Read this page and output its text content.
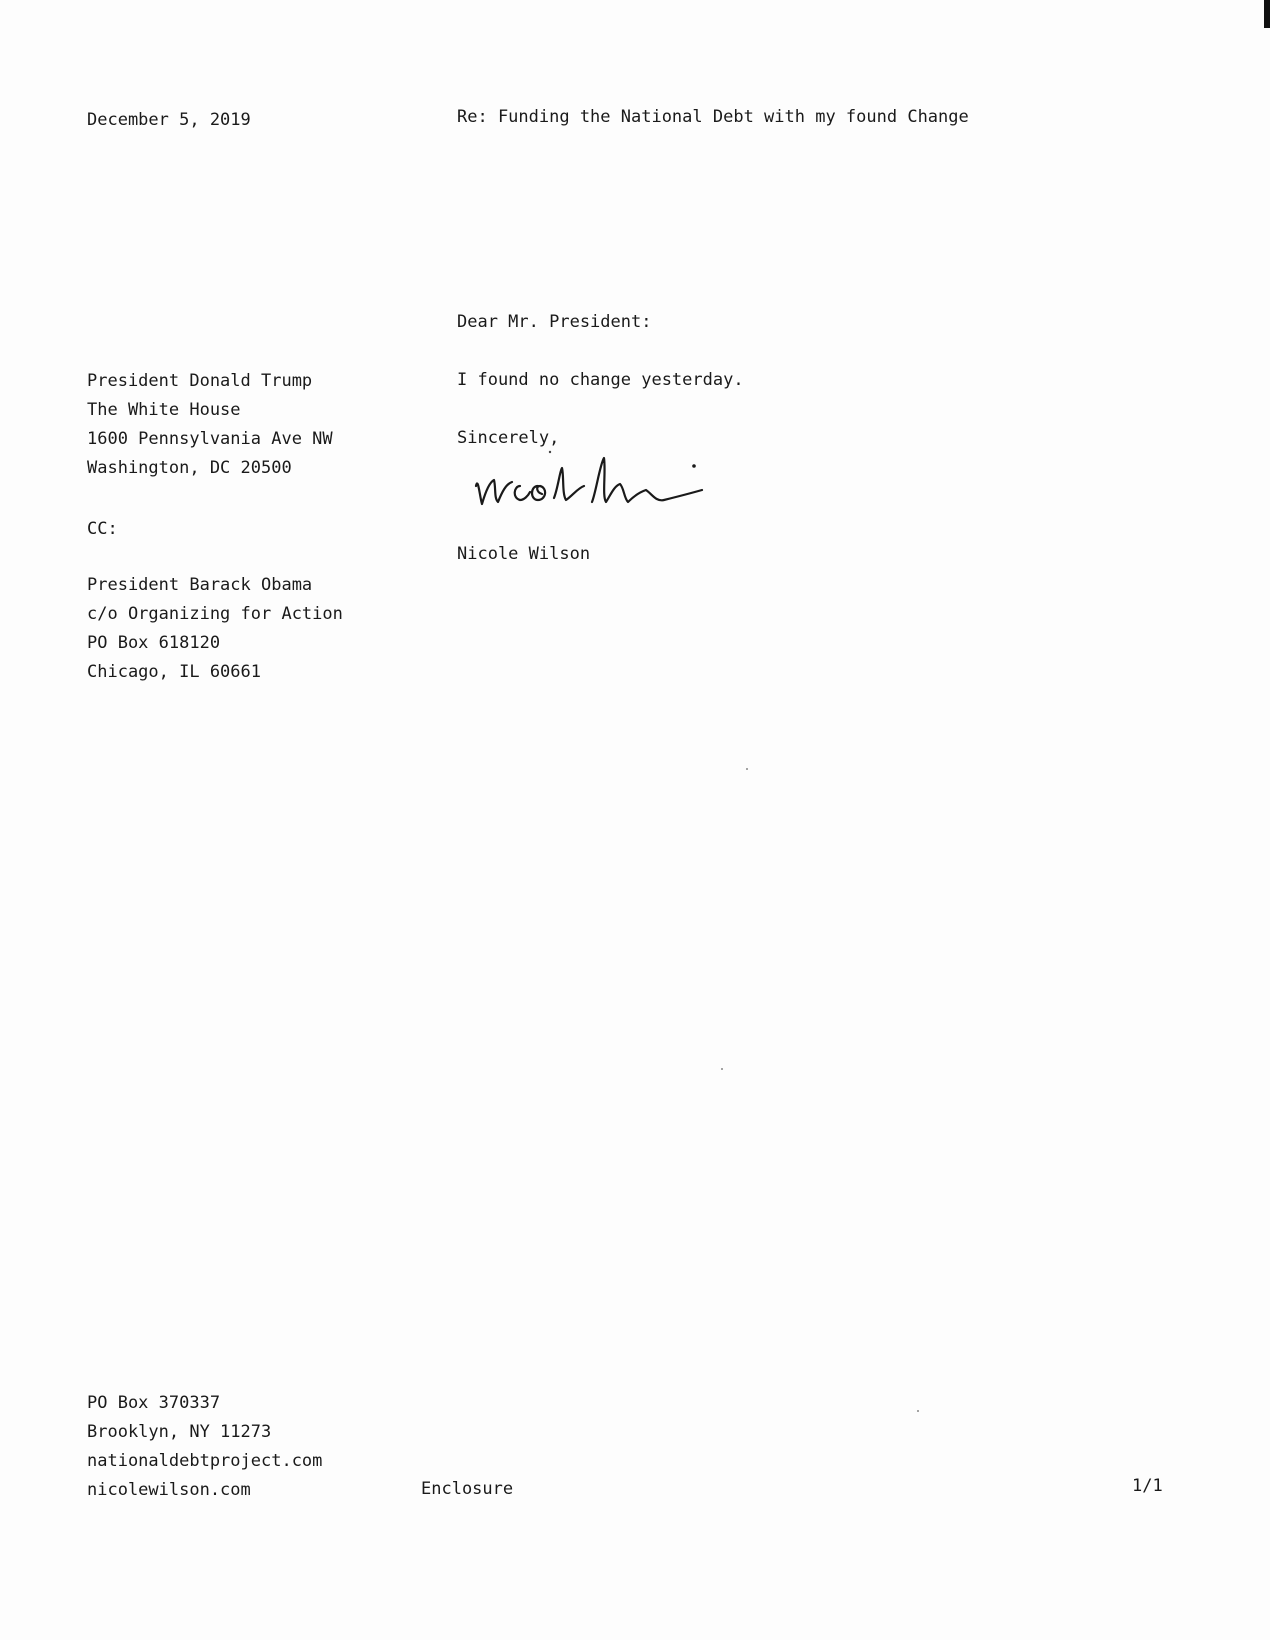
December 5, 2019	Re: Funding the National Debt with my found Change
Dear Mr. President:
I found no change yesterday.
Sincerely,
Nicole Wilson
President Donald Trump
The White House
1600 Pennsylvania Ave NW
Washington, DC 20500
CC:
President Barack Obama
c/o Organizing for Action
PO Box 618120
Chicago, IL 60661
PO Box 370337
Brooklyn, NY 11273
nationaldebtproject.com
nicolewilson.com	Enclosure	1/1
